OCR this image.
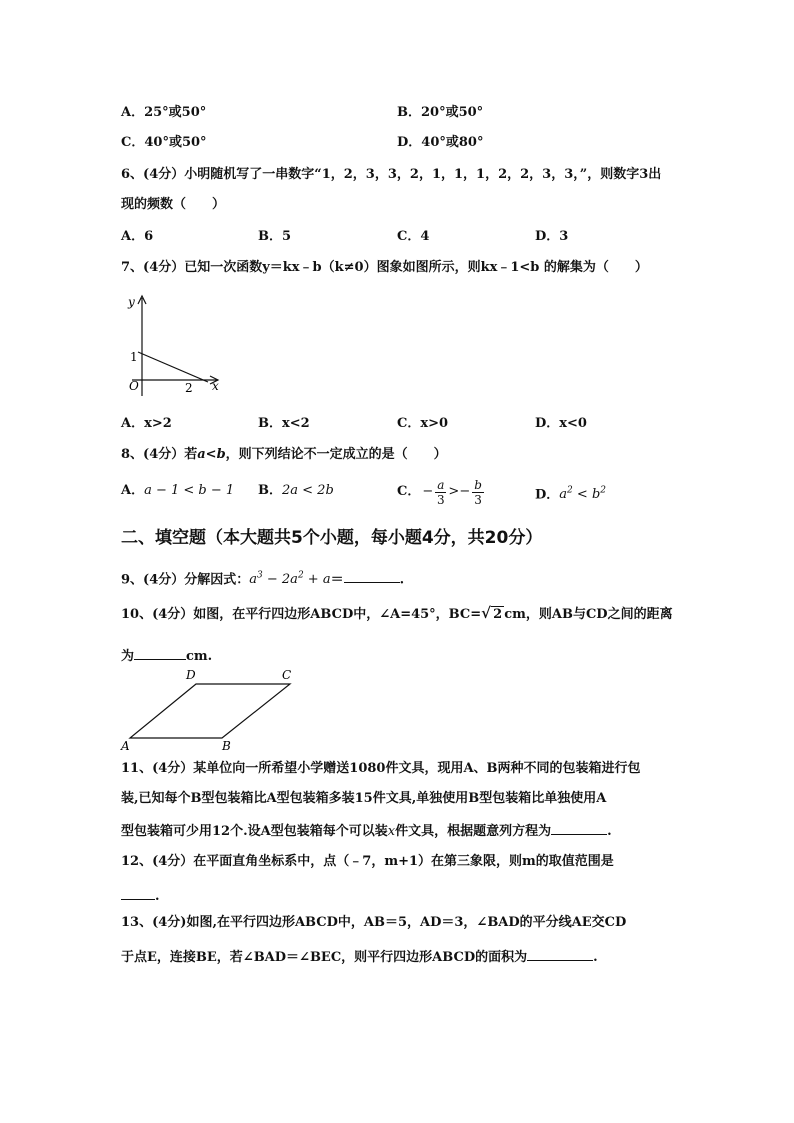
A．25°或50°	B．20°或50°
C．40°或50°	D．40°或80°
6、(4分）小明随机写了一串数字“1，2，3，3，2，1，1，1，2，2，3，3，”，则数字3出
现的频数（　　）
A．6	B．5	C．4	D．3
7、(4分）已知一次函数y＝kx﹣b（k≠0）图象如图所示，则kx﹣1<b 的解集为（　　）
y
x
O
1
2
A．x>2	B．x<2	C．x>0	D．x<0
8、(4分）若a<b，则下列结论不一定成立的是（　　）
A．a − 1 < b − 1 B．2a < 2b	C． − $\frac{a}{3} >- \frac{b}{3}$	D．$a^2 < b^2$
二、填空题（本大题共5个小题，每小题4分，共20分）
9、(4分）分解因式：$a^3 - 2a^2 + a=$	.
10、(4分）如图，在平行四边形ABCD中，∠A=45°，BC= √ 2 cm，则AB与CD之间的距离
为	cm.
A	B
C
D
11、(4分）某单位向一所希望小学赠送1080件文具，现用A、B两种不同的包装箱进行包
装,已知每个B型包装箱比A型包装箱多装15件文具,单独使用B型包装箱比单独使用A
型包装箱可少用12个.设A型包装箱每个可以装x件文具，根据题意列方程为	.
12、(4分）在平面直角坐标系中，点（﹣7，m+1）在第三象限，则m的取值范围是
.
13、(4分)如图,在平行四边形ABCD中，AB＝5，AD＝3，∠BAD的平分线AE交CD
于点E，连接BE，若∠BAD＝∠BEC，则平行四边形ABCD的面积为	.
